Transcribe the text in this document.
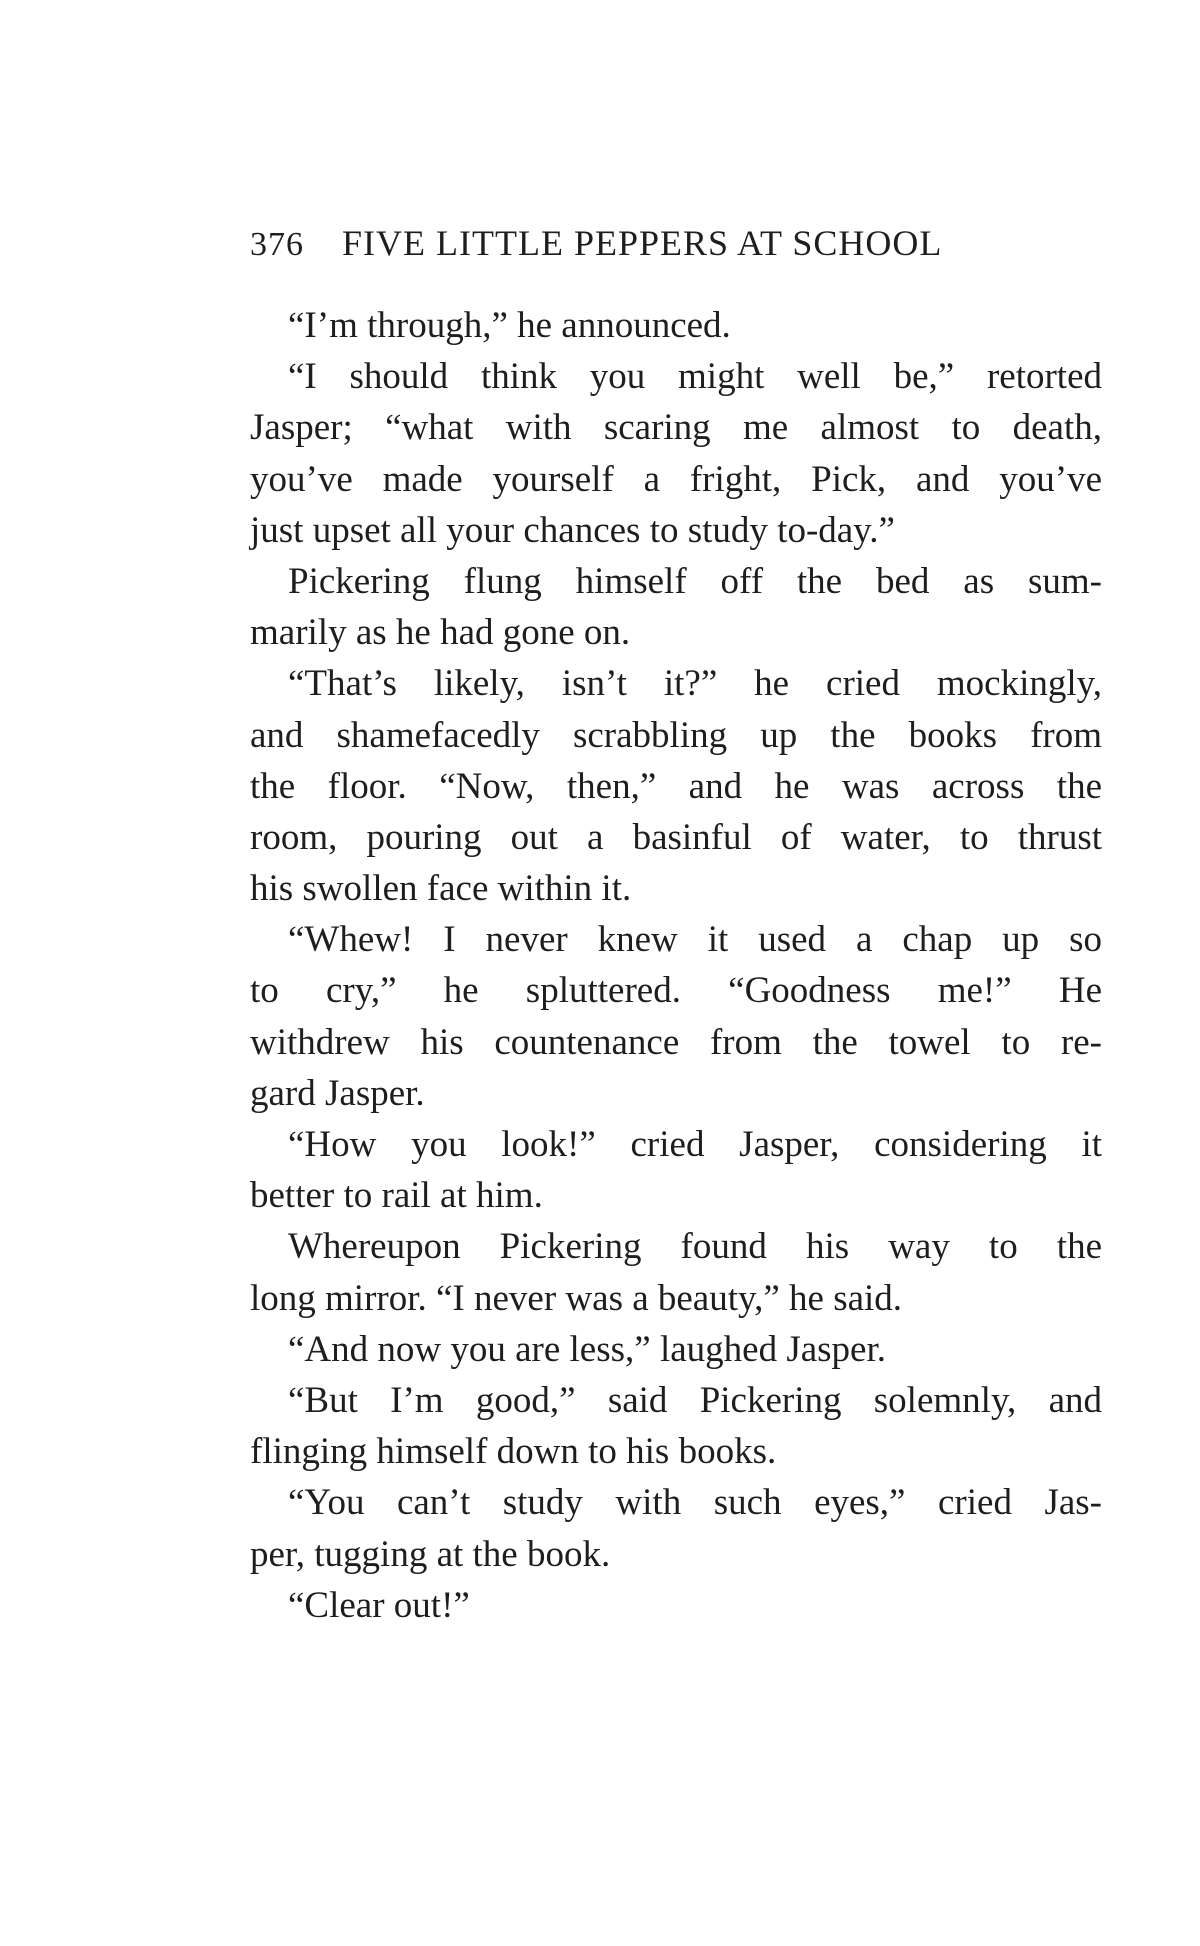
376 FIVE LITTLE PEPPERS AT SCHOOL
“I’m through,” he announced.
“I should think you might well be,” retorted
Jasper; “what with scaring me almost to death,
you’ve made yourself a fright, Pick, and you’ve
just upset all your chances to study to-day.”
Pickering flung himself off the bed as sum-
marily as he had gone on.
“That’s likely, isn’t it?” he cried mockingly,
and shamefacedly scrabbling up the books from
the floor. “Now, then,” and he was across the
room, pouring out a basinful of water, to thrust
his swollen face within it.
“Whew! I never knew it used a chap up so
to cry,” he spluttered. “Goodness me!” He
withdrew his countenance from the towel to re-
gard Jasper.
“How you look!” cried Jasper, considering it
better to rail at him.
Whereupon Pickering found his way to the
long mirror. “I never was a beauty,” he said.
“And now you are less,” laughed Jasper.
“But I’m good,” said Pickering solemnly, and
flinging himself down to his books.
“You can’t study with such eyes,” cried Jas-
per, tugging at the book.
“Clear out!”
